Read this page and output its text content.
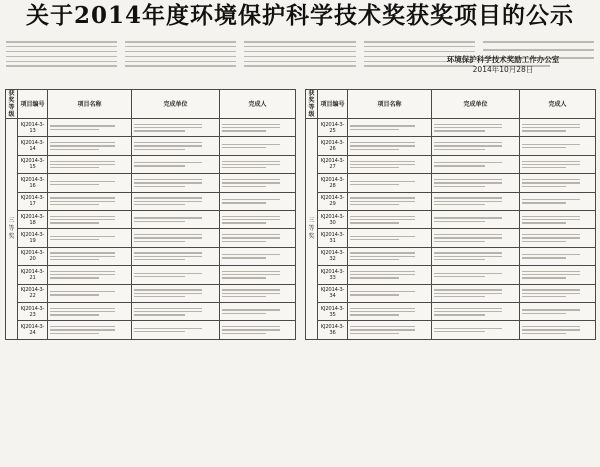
关于2014年度环境保护科学技术奖获奖项目的公示
环境保护科学技术奖励工作办公室
2014年10月28日
获奖等级	项目编号	项目名称	完成单位	完成人
三等奖	KJ2014-3-13	

	KJ2014-3-14	

	KJ2014-3-15	

	KJ2014-3-16	

	KJ2014-3-17	

	KJ2014-3-18	

	KJ2014-3-19	

	KJ2014-3-20	

	KJ2014-3-21	

	KJ2014-3-22	

	KJ2014-3-23	

	KJ2014-3-24	

获奖等级	项目编号	项目名称	完成单位	完成人
三等奖	KJ2014-3-25	

	KJ2014-3-26	

	KJ2014-3-27	

	KJ2014-3-28	

	KJ2014-3-29	

	KJ2014-3-30	

	KJ2014-3-31	

	KJ2014-3-32	

	KJ2014-3-33	

	KJ2014-3-34	

	KJ2014-3-35	

	KJ2014-3-36	
